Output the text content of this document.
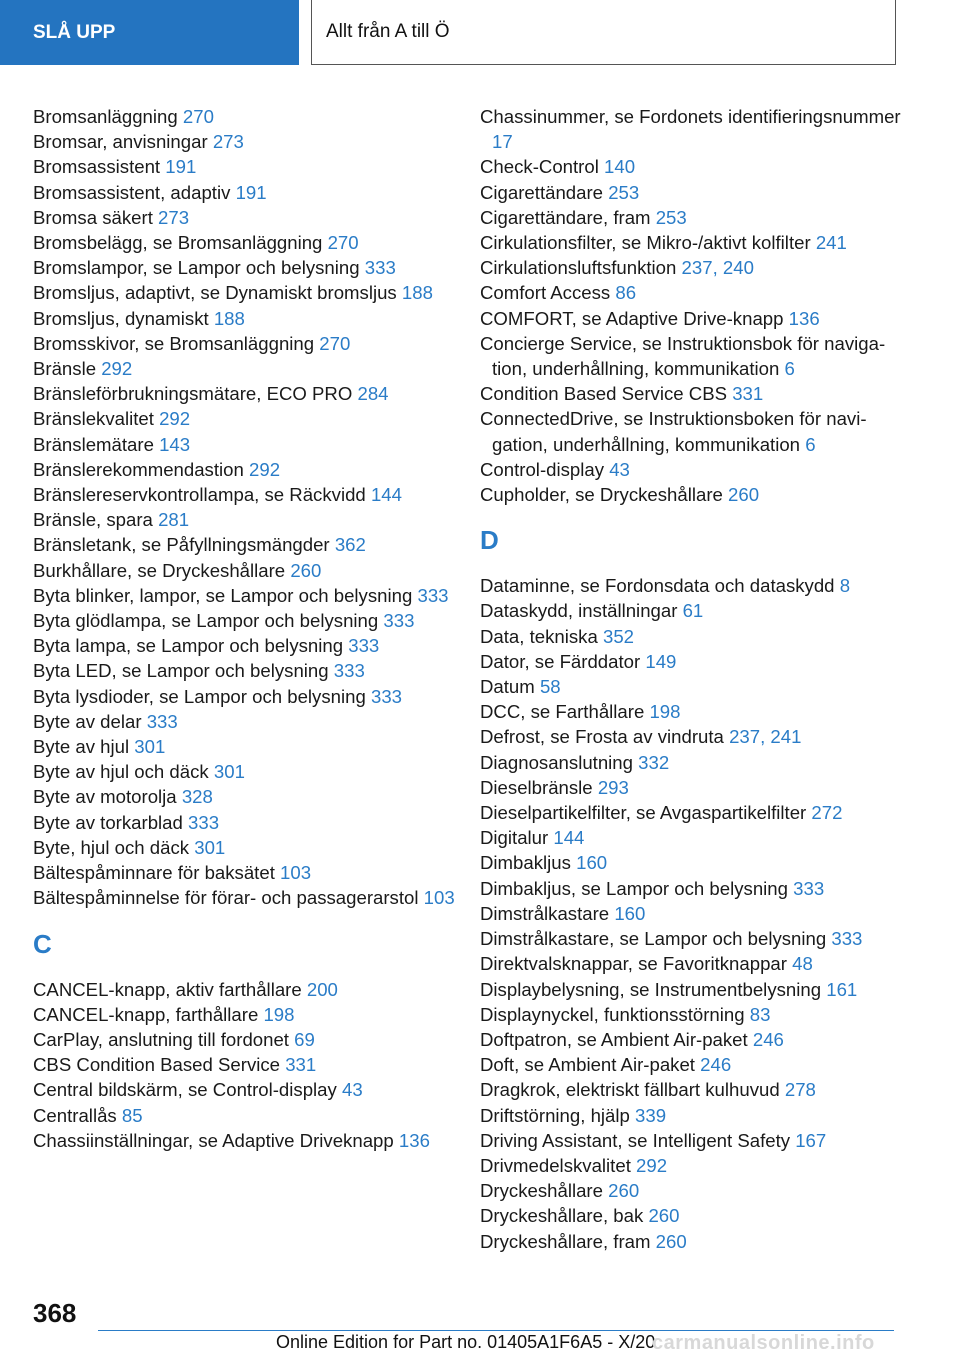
SLÅ UPP	Allt från A till Ö
Bromsanläggning 270
Bromsar, anvisningar 273
Bromsassistent 191
Bromsassistent, adaptiv 191
Bromsa säkert 273
Bromsbelägg, se Bromsanläggning 270
Bromslampor, se Lampor och belysning 333
Bromsljus, adaptivt, se Dynamiskt bromsljus 188
Bromsljus, dynamiskt 188
Bromsskivor, se Bromsanläggning 270
Bränsle 292
Bränsleförbrukningsmätare, ECO PRO 284
Bränslekvalitet 292
Bränslemätare 143
Bränslerekommendastion 292
Bränslereservkontrollampa, se Räckvidd 144
Bränsle, spara 281
Bränsletank, se Påfyllningsmängder 362
Burkhållare, se Dryckeshållare 260
Byta blinker, lampor, se Lampor och belysning 333
Byta glödlampa, se Lampor och belysning 333
Byta lampa, se Lampor och belysning 333
Byta LED, se Lampor och belysning 333
Byta lysdioder, se Lampor och belysning 333
Byte av delar 333
Byte av hjul 301
Byte av hjul och däck 301
Byte av motorolja 328
Byte av torkarblad 333
Byte, hjul och däck 301
Bältespåminnare för baksätet 103
Bältespåminnelse för förar- och passagerarstol 103
C
CANCEL-knapp, aktiv farthållare 200
CANCEL-knapp, farthållare 198
CarPlay, anslutning till fordonet 69
CBS Condition Based Service 331
Central bildskärm, se Control-display 43
Centrallås 85
Chassiinställningar, se Adaptive Driveknapp 136
Chassinummer, se Fordonets identifieringsnummer 17
Check-Control 140
Cigarettändare 253
Cigarettändare, fram 253
Cirkulationsfilter, se Mikro-/aktivt kolfilter 241
Cirkulationsluftsfunktion 237, 240
Comfort Access 86
COMFORT, se Adaptive Drive-knapp 136
Concierge Service, se Instruktionsbok för navigation, underhållning, kommunikation 6
Condition Based Service CBS 331
ConnectedDrive, se Instruktionsboken för navigation, underhållning, kommunikation 6
Control-display 43
Cupholder, se Dryckeshållare 260
D
Dataminne, se Fordonsdata och dataskydd 8
Dataskydd, inställningar 61
Data, tekniska 352
Dator, se Färddator 149
Datum 58
DCC, se Farthållare 198
Defrost, se Frosta av vindruta 237, 241
Diagnosanslutning 332
Dieselbränsle 293
Dieselpartikelfilter, se Avgaspartikelfilter 272
Digitalur 144
Dimbakljus 160
Dimbakljus, se Lampor och belysning 333
Dimstrålkastare 160
Dimstrålkastare, se Lampor och belysning 333
Direktvalsknappar, se Favoritknappar 48
Displaybelysning, se Instrumentbelysning 161
Displaynyckel, funktionsstörning 83
Doftpatron, se Ambient Air-paket 246
Doft, se Ambient Air-paket 246
Dragkrok, elektriskt fällbart kulhuvud 278
Driftstörning, hjälp 339
Driving Assistant, se Intelligent Safety 167
Drivmedelskvalitet 292
Dryckeshållare 260
Dryckeshållare, bak 260
Dryckeshållare, fram 260
368
Online Edition for Part no. 01405A1F6A5 - X/20
carmanualsonline.info
